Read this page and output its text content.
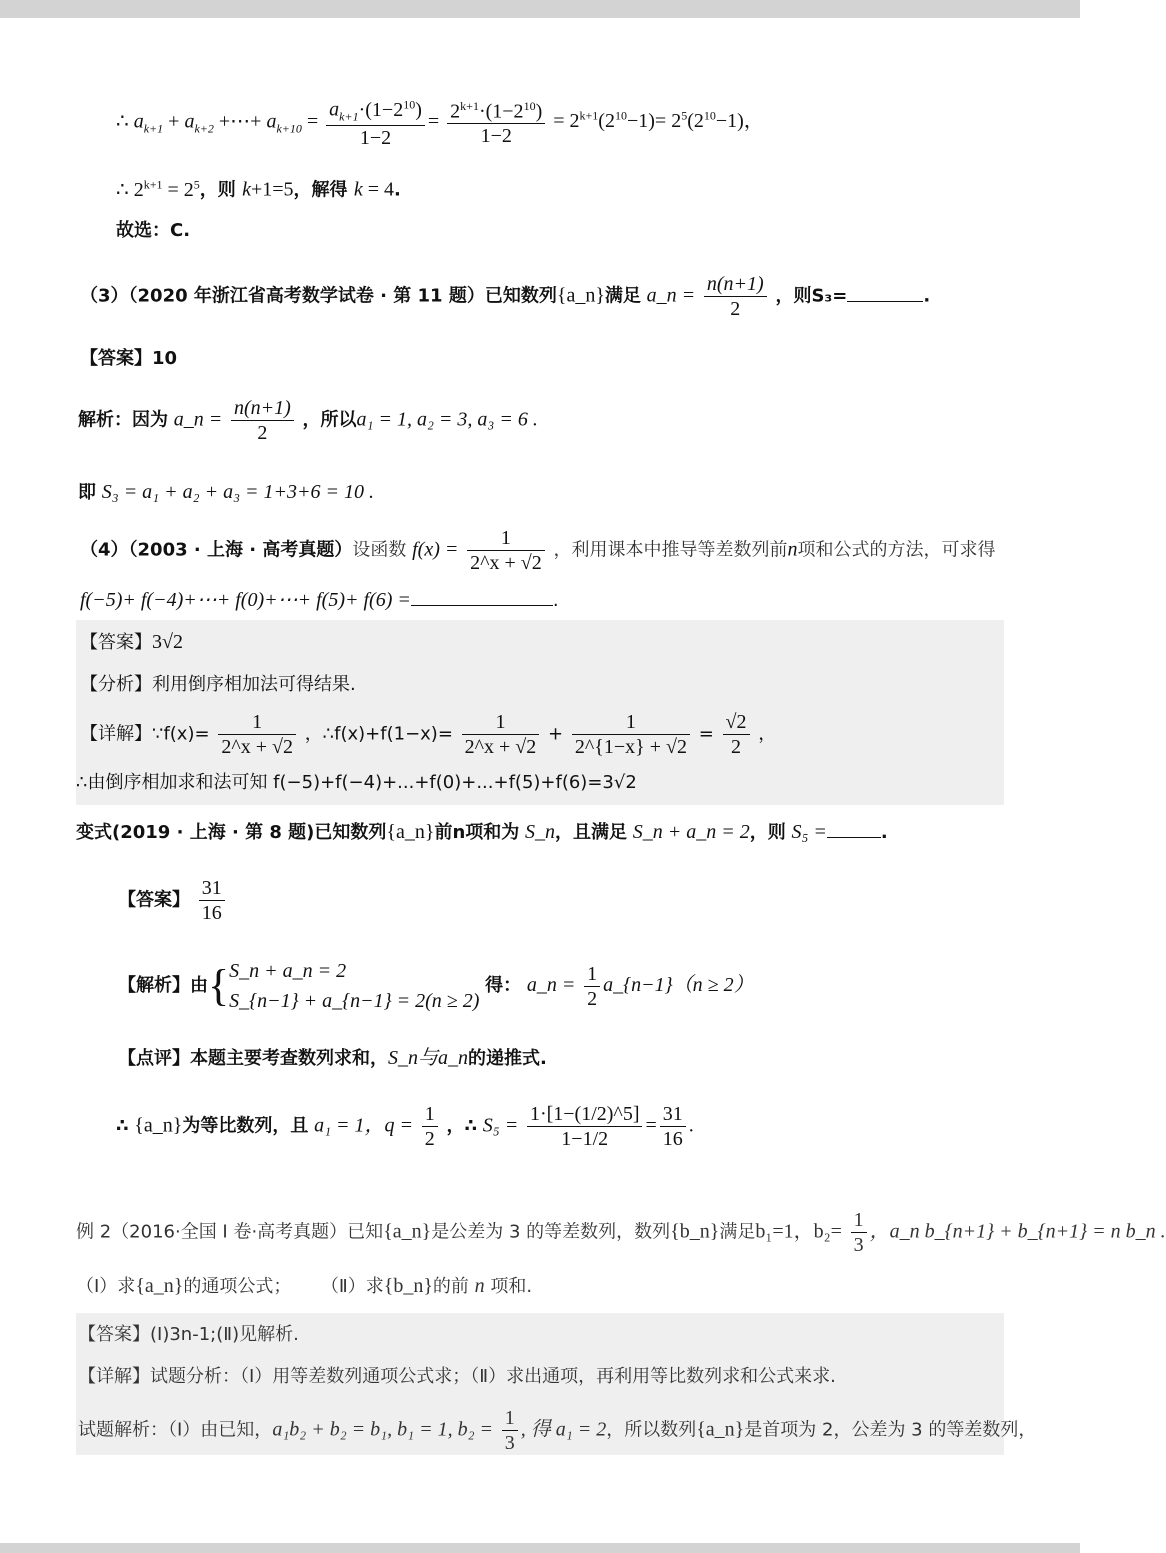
∴ $a_{k+1} + a_{k+2}$ +⋯+ $a_{k+10} = \frac{a_{k+1}\cdot(1-2^{10})}{1-2} = \frac{2^{k+1}\cdot(1-2^{10})}{1-2} = 2^{k+1}(2^{10}-1)= 2^5(2^{10}-1)$，
∴ $2^{k+1} = 2^5$，则 k+1=5，解得 k = 4.
故选：C.
（3）（2020 年浙江省高考数学试卷 · 第 11 题）已知数列{a_n}满足 a_n = $\frac{n(n+1)}{2}$ ，则S₃=	.
【答案】10
解析：因为 a_n = $\frac{n(n+1)}{2}$ ，所以a₁ = 1, a₂ = 3, a₃ = 6 .
即 S₃ = a₁ + a₂ + a₃ = 1+3+6 = 10 .
（4）（2003 · 上海 · 高考真题）设函数 $f(x) = \frac{1}{2\^{}x + √2}$ ，利用课本中推导等差数列前n项和公式的方法，可求得
f(−5)+ f(−4)+⋯+ f(0)+⋯+ f(5)+ f(6) =	.
【答案】3√2
【分析】利用倒序相加法可得结果.
【详解】∵f(x)= $\frac{1}{2\^{}x + √2}$ ，∴f(x)+f(1−x)= $\frac{1}{2\^{}x + √2} + \frac{1}{2\^{}\{1-x\} + √2} = \frac{√2}{2}$ ，
∴由倒序相加求和法可知 f(−5)+f(−4)+...+f(0)+...+f(5)+f(6)=3√2
变式(2019 · 上海 · 第 8 题)已知数列{a_n}前n项和为 S_n，且满足 S_n + a_n = 2，则 S₅ =	.
【答案】 $\frac{31}{16}$
【解析】由{ S_n + a_n = 2
S_{n−1} + a_{n−1} = 2(n ≥ 2)
得： a_n = $\frac{1}{2}$ a_{n−1}（n ≥ 2）
【点评】本题主要考查数列求和，S_n与a_n的递推式.
∴ {a_n}为等比数列，且 a₁ = 1，$q = \frac{1}{2}$ ，∴ $S_5 = \frac{1\cdot[1-(1/2)\^{}5]}{1-1/2} = \frac{31}{16}$ .
例 2（2016·全国 I 卷·高考真题）已知{a_n}是公差为 3 的等差数列，数列{b_n}满足b₁=1，$b_2= \frac{1}{3}$ ，a_n b_{n+1} + b_{n+1} = n b_n .
（Ⅰ）求{a_n}的通项公式； （Ⅱ）求{b_n}的前 n 项和.
【答案】(Ⅰ)3n-1;(Ⅱ)见解析.
【详解】试题分析：（Ⅰ）用等差数列通项公式求；（Ⅱ）求出通项，再利用等比数列求和公式来求.
试题解析：（Ⅰ）由已知，a₁b₂ + b₂ = b₁, b₁ = 1, $b_2 = \frac{1}{3}$ , 得 a₁ = 2，所以数列{a_n}是首项为 2，公差为 3 的等差数列，
